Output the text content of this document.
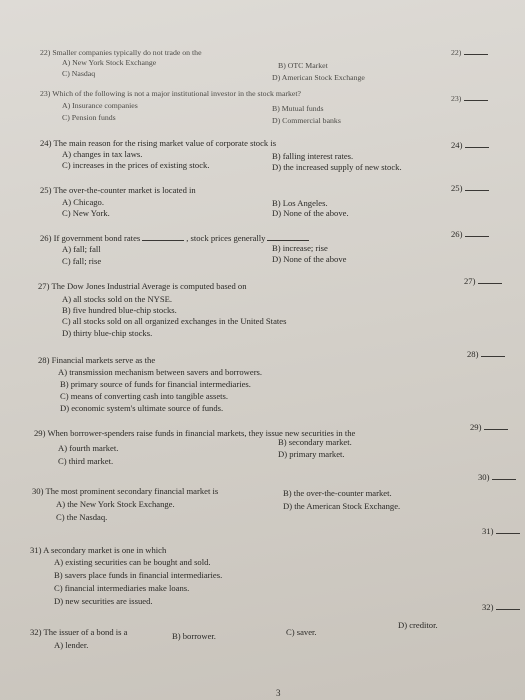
22) Smaller companies typically do not trade on the
A) New York Stock Exchange	B) OTC Market
C) Nasdaq	D) American Stock Exchange
22)
23) Which of the following is not a major institutional investor in the stock market?
A) Insurance companies	B) Mutual funds
C) Pension funds	D) Commercial banks
23)
24) The main reason for the rising market value of corporate stock is
A) changes in tax laws.	B) falling interest rates.
C) increases in the prices of existing stock.	D) the increased supply of new stock.
24)
25) The over-the-counter market is located in
A) Chicago.	B) Los Angeles.
C) New York.	D) None of the above.
25)
26) If government bond rates	, stock prices generally
A) fall; fall	B) increase; rise
C) fall; rise	D) None of the above
26)
27) The Dow Jones Industrial Average is computed based on
A) all stocks sold on the NYSE.
B) five hundred blue-chip stocks.
C) all stocks sold on all organized exchanges in the United States
D) thirty blue-chip stocks.
27)
28) Financial markets serve as the
A) transmission mechanism between savers and borrowers.
B) primary source of funds for financial intermediaries.
C) means of converting cash into tangible assets.
D) economic system's ultimate source of funds.
28)
29) When borrower-spenders raise funds in financial markets, they issue new securities in the
A) fourth market.
B) secondary market.
C) third market.
D) primary market.
29)
30) The most prominent secondary financial market is
A) the New York Stock Exchange.
B) the over-the-counter market.
C) the Nasdaq.
D) the American Stock Exchange.
30)
31) A secondary market is one in which
A) existing securities can be bought and sold.
B) savers place funds in financial intermediaries.
C) financial intermediaries make loans.
D) new securities are issued.
31)
32) The issuer of a bond is a
A) lender.
B) borrower.	C) saver.
D) creditor.
32)
3
